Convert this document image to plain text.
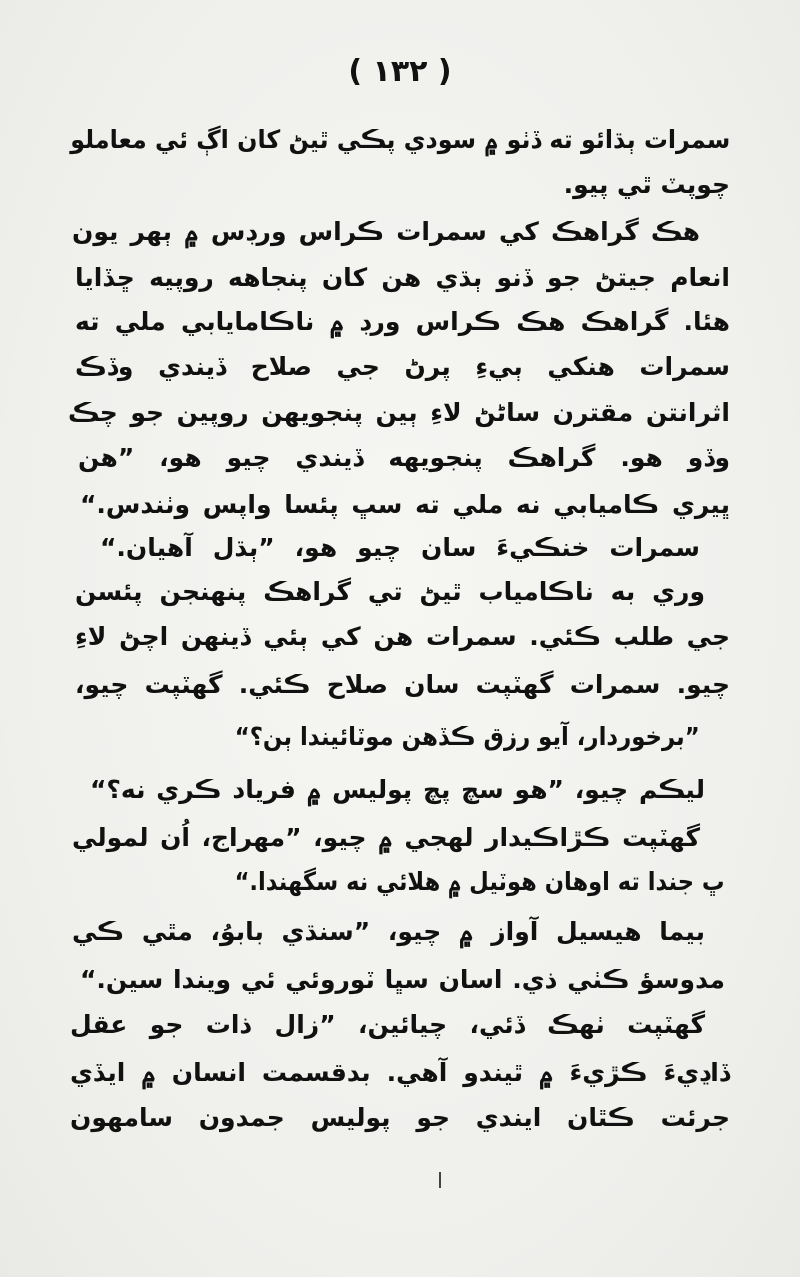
( ١٣٢ )
سمرات ٻڌائو ته ڏٺو ۾ سودي پڪي ٿيڻ کان اڳ ئي معاملو
چوپٽ ٿي پيو.
هڪ گراهڪ کي سمرات ڪراس ورڊس ۾ ٻهر يون
انعام جيتڻ جو ڏنو ٻڌي هن کان پنجاهه روپيه ڇڏايا
هئا. گراهڪ هڪ ڪراس ورڊ ۾ ناڪامايابي ملي ته
سمرات هنکي ٻيءِ پرڻ جي صلاح ڏيندي وڏڪ
اثرانتن مقترن ساڻڻ لاءِ ٻين پنجويهن روپين جو چڪ
وڏو هو. گراهڪ پنجويهه ڏيندي چيو هو، ”هن
ڀيري ڪاميابي نه ملي ته سڀ پئسا واپس وٺندس.“
سمرات خنڪيءَ سان چيو هو، ”ٻڌل آهيان.“
وري به ناڪامياب ٿيڻ تي گراهڪ پنهنجن پئسن
جي طلب ڪئي. سمرات هن کي ٻئي ڏينهن اچڻ لاءِ
چيو. سمرات گهٽپت سان صلاح ڪئي. گهٽپت چيو،
”برخوردار، آيو رزق ڪڏهن موٽائيندا ٻن؟“
ليڪم چيو، ”هو سچ پچ پوليس ۾ فرياد ڪري نه؟“
گهٽپت ڪڙاڪيدار لهجي ۾ چيو، ”مهراج، اُن لمولي
ڀ جندا ته اوهان هوٽيل ۾ هلائي نه سگهندا.“
بيما هيسيل آواز ۾ چيو، ”سنڌي بابوُ، مٿي ڪي
مدوسؤ ڪٺي ذي. اسان سڀا ٽوروئي ئي ويندا سين.“
گهٽپت ٺهڪ ڏئي، چيائين، ”زال ذات جو عقل
ڏاڍيءَ ڪڙيءَ ۾ ٿيندو آهي. بدقسمت انسان ۾ ايڏي
جرئت ڪٿان ايندي جو پوليس جمدون سامهون
